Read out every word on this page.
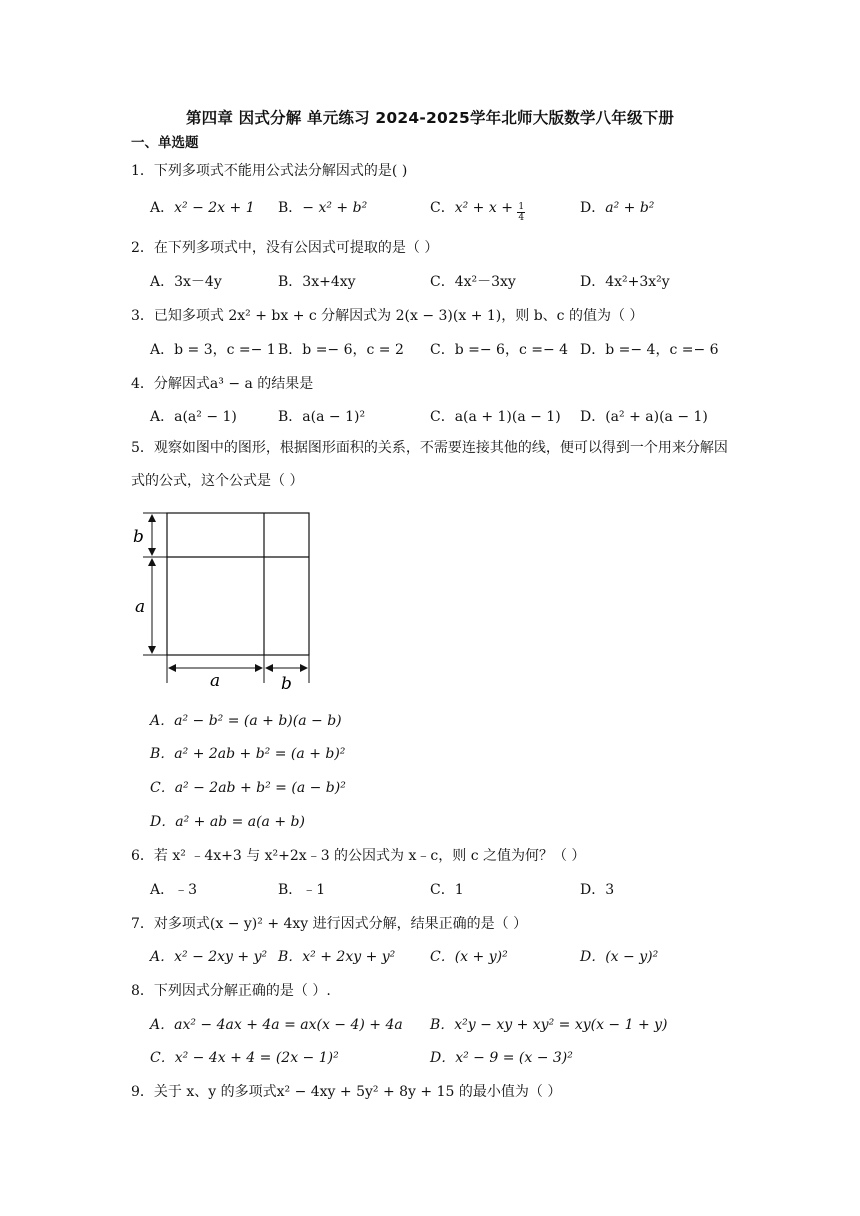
第四章 因式分解 单元练习 2024-2025学年北师大版数学八年级下册
一、单选题
1．下列多项式不能用公式法分解因式的是( )
A．x² − 2x + 1 B．− x² + b²	C．$x^2 + x + \frac{1}{4}$	D．a² + b²
2．在下列多项式中，没有公因式可提取的是（ ）
A．3x－4y	B．3x+4xy	C．4x²－3xy	D．4x²+3x²y
3．已知多项式 2x² + bx + c 分解因式为 2(x − 3)(x + 1)，则 b、c 的值为（ ）
A．b = 3，c =− 1 B．b =− 6，c = 2 C．b =− 6，c =− 4 D．b =− 4，c =− 6
4．分解因式a³ − a 的结果是
A．a(a² − 1)	B．a(a − 1)²	C．a(a + 1)(a − 1) D．(a² + a)(a − 1)
5．观察如图中的图形，根据图形面积的关系，不需要连接其他的线，便可以得到一个用来分解因式的公式，这个公式是（ ）
b
a
a	b
A．a² − b² = (a + b)(a − b)
B．a² + 2ab + b² = (a + b)²
C．a² − 2ab + b² = (a − b)²
D．a² + ab = a(a + b)
6．若 x² ﹣4x+3 与 x²+2x﹣3 的公因式为 x﹣c，则 c 之值为何？（ ）
A．﹣3	B．﹣1	C．1	D．3
7．对多项式(x − y)² + 4xy 进行因式分解，结果正确的是（ ）
A．x² − 2xy + y² B．x² + 2xy + y² C．(x + y)²	D．(x − y)²
8．下列因式分解正确的是（ ）.
A．ax² − 4ax + 4a = ax(x − 4) + 4a B．x²y − xy + xy² = xy(x − 1 + y)
C．x² − 4x + 4 = (2x − 1)²	D．x² − 9 = (x − 3)²
9．关于 x、y 的多项式x² − 4xy + 5y² + 8y + 15 的最小值为（ ）
